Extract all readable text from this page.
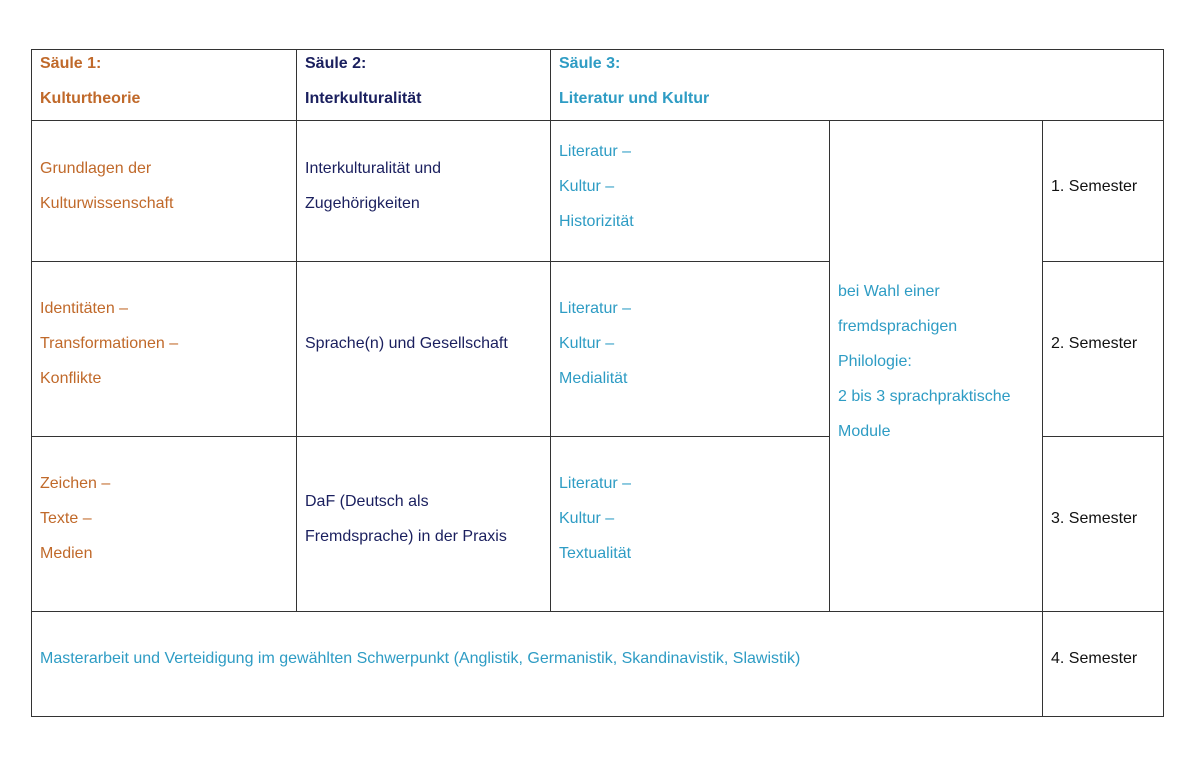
Säule 1:
Kulturtheorie
Säule 2:
Interkulturalität
Säule 3:
Literatur und Kultur
Grundlagen der
Kulturwissenschaft
Interkulturalität und
Zugehörigkeiten
Literatur –
Kultur –
Historizität
1. Semester
bei Wahl einer
fremdsprachigen
Philologie:
2 bis 3 sprachpraktische
Module
Identitäten –
Transformationen –
Konflikte
Sprache(n) und Gesellschaft
Literatur –
Kultur –
Medialität
2. Semester
Zeichen –
Texte –
Medien
DaF (Deutsch als
Fremdsprache) in der Praxis
Literatur –
Kultur –
Textualität
3. Semester
Masterarbeit und Verteidigung im gewählten Schwerpunkt (Anglistik, Germanistik, Skandinavistik, Slawistik)	4. Semester
